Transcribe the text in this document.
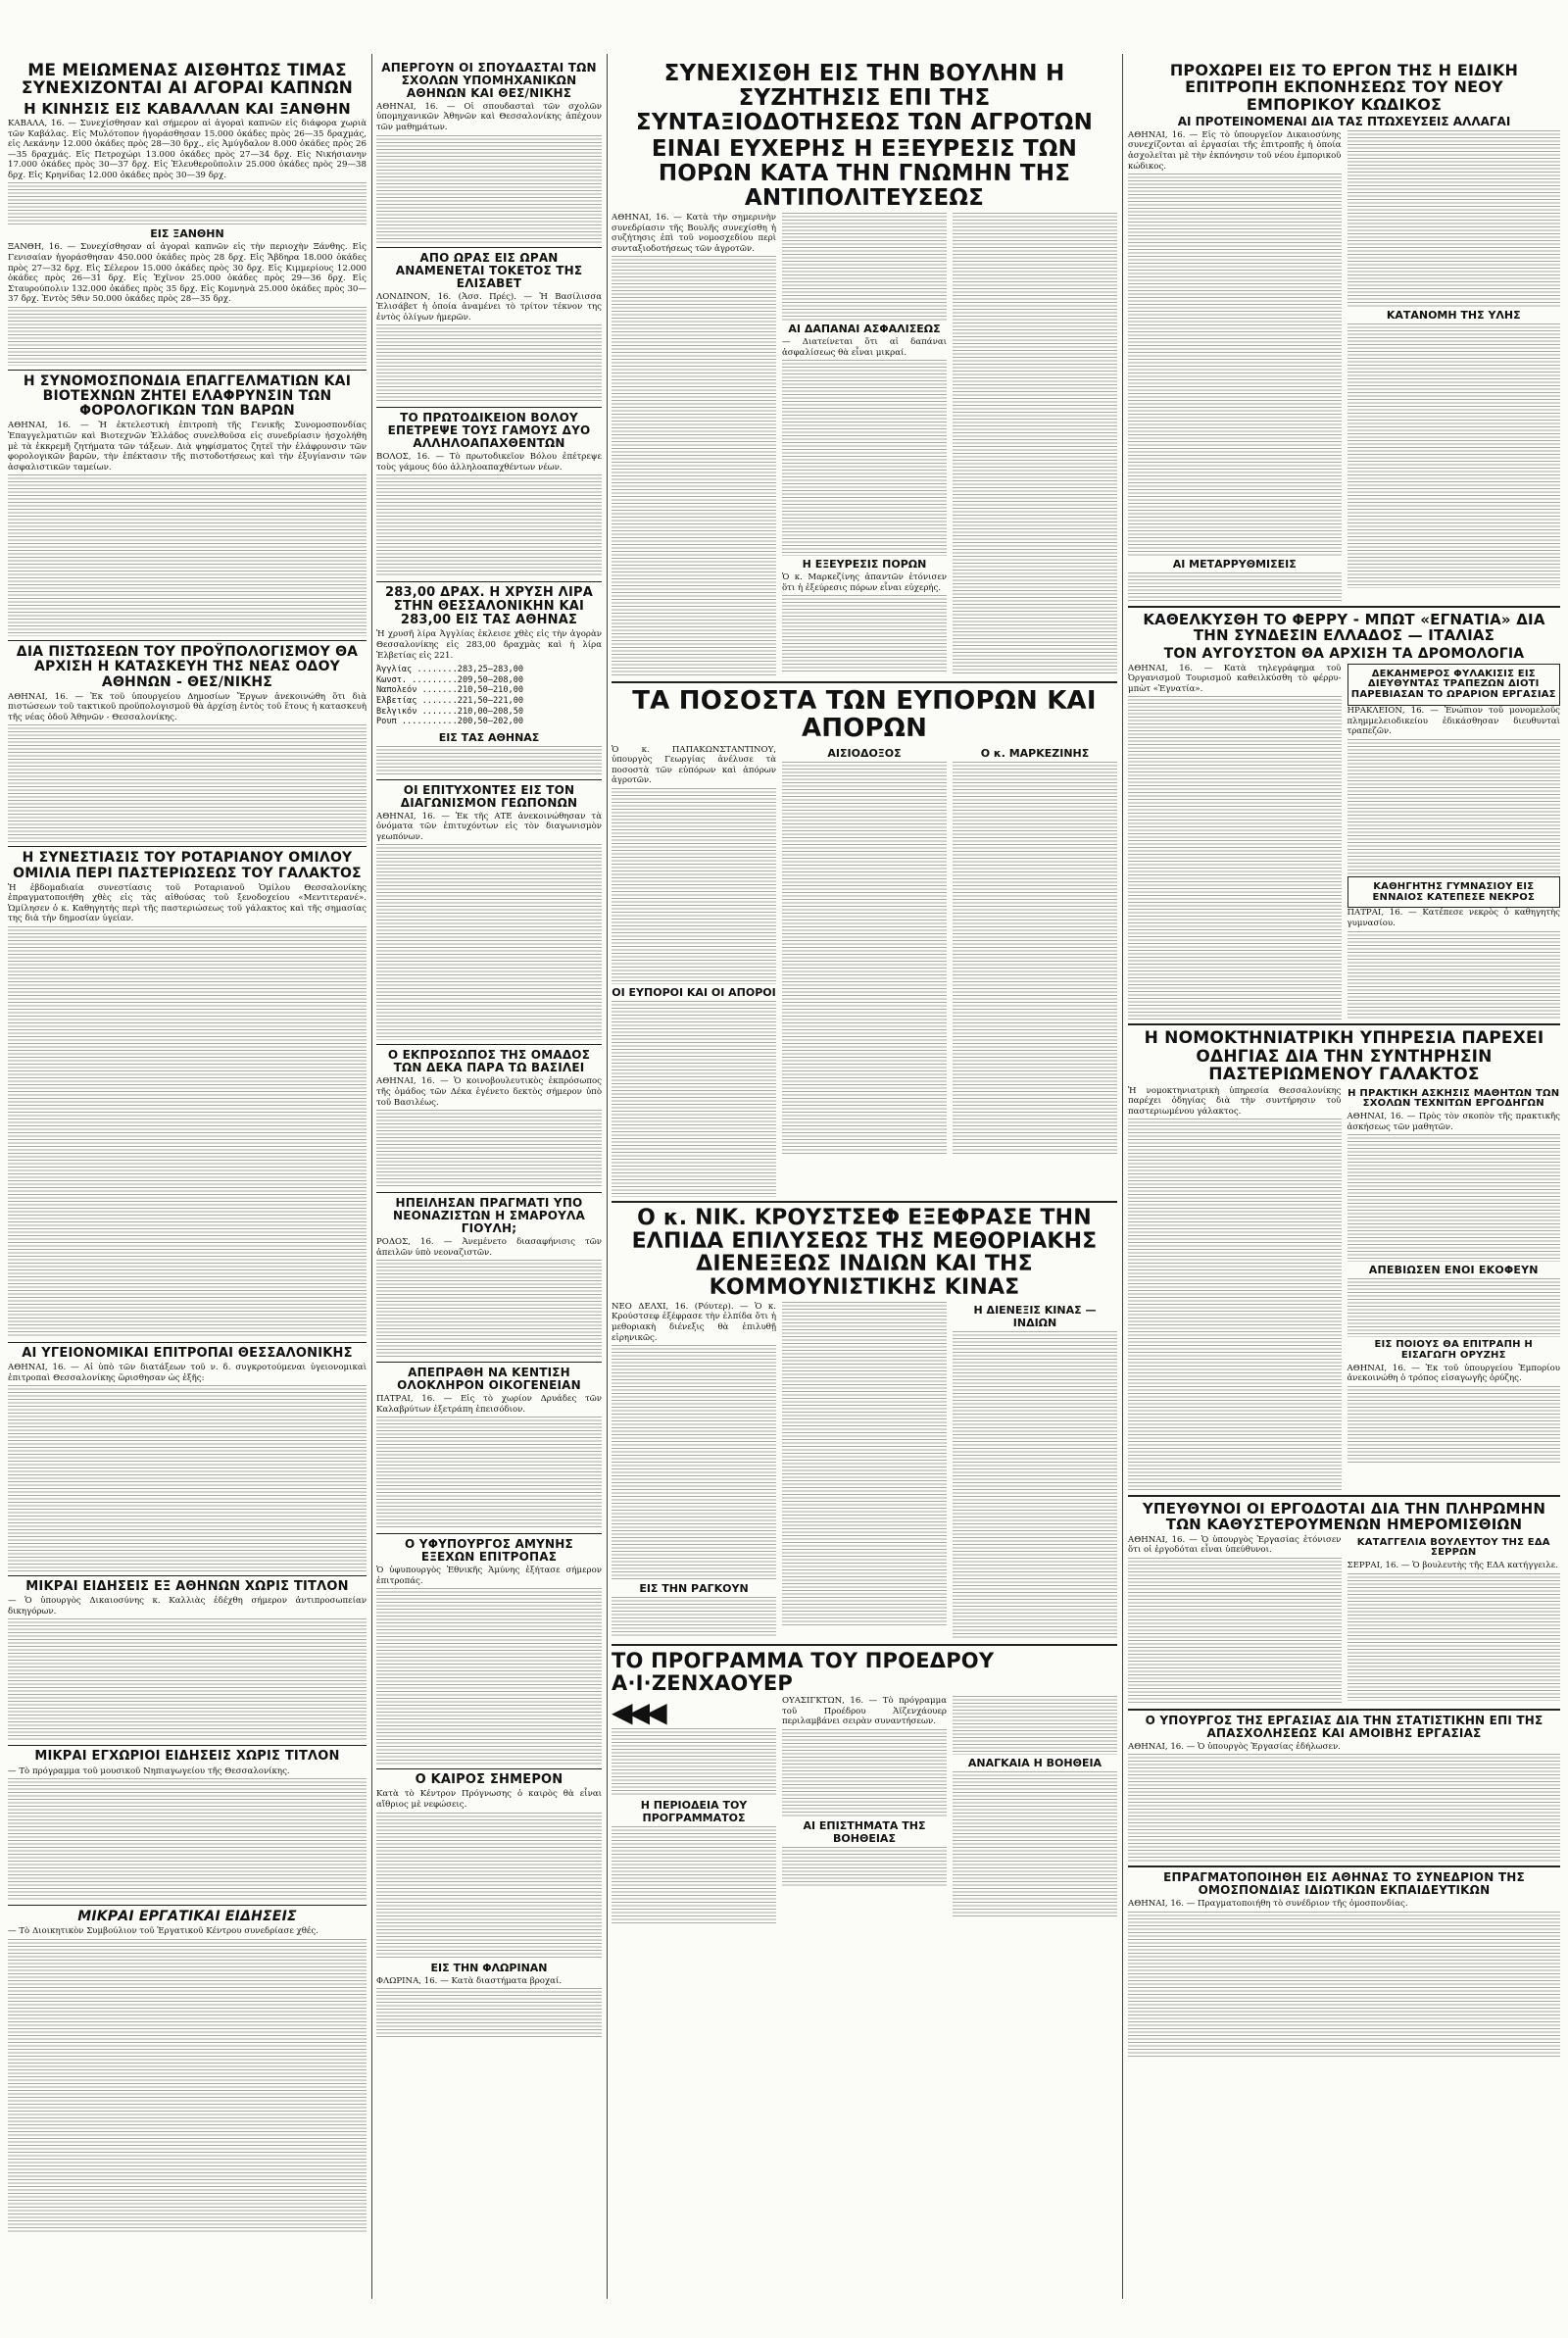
ΜΕ ΜΕΙΩΜΕΝΑΣ ΑΙΣΘΗΤΩΣ ΤΙΜΑΣ ΣΥΝΕΧΙΖΟΝΤΑΙ ΑΙ ΑΓΟΡΑΙ ΚΑΠΝΩΝ
Η ΚΙΝΗΣΙΣ ΕΙΣ ΚΑΒΑΛΛΑΝ ΚΑΙ ΞΑΝΘΗΝ
ΚΑΒΑΛΑ, 16. — Συνεχίσθησαν καὶ σήμερον αἱ ἀγοραὶ καπνῶν εἰς διάφορα χωριὰ τῶν Καβάλας. Εἰς Μυλότοπον ἠγοράσθησαν 15.000 ὀκάδες πρὸς 26—35 δραχμάς, εἰς Λεκάνην 12.000 ὀκάδες πρὸς 28—30 δρχ., εἰς Ἀμύγδαλον 8.000 ὀκάδες πρὸς 26—35 δραχμάς. Εἰς Πετροχώρι 13.000 ὀκάδες πρὸς 27—34 δρχ. Εἰς Νικήσιανην 17.000 ὀκάδες πρὸς 30—37 δρχ. Εἰς Ἐλευθεροῦπολιν 25.000 ὀκάδες πρὸς 29—38 δρχ. Εἰς Κρηνίδας 12.000 ὀκάδες πρὸς 30—39 δρχ.
ΕΙΣ ΞΑΝΘΗΝ
ΞΑΝΘΗ, 16. — Συνεχίσθησαν αἱ ἀγοραὶ καπνῶν εἰς τὴν περιοχὴν Ξάνθης. Εἰς Γενισαίαν ἠγοράσθησαν 450.000 ὀκάδες πρὸς 28 δρχ. Εἰς Ἄβδηρα 18.000 ὀκάδες πρὸς 27—32 δρχ. Εἰς Σέλερον 15.000 ὀκάδες πρὸς 30 δρχ. Εἰς Κιμμερίους 12.000 ὀκάδες πρὸς 26—31 δρχ. Εἰς Ἐχῖνον 25.000 ὀκάδες πρὸς 29—36 δρχ. Εἰς Σταυρούπολιν 132.000 ὀκάδες πρὸς 35 δρχ. Εἰς Κομνηνὰ 25.000 ὀκάδες πρὸς 30—37 δρχ. Ἐντὸς 5θιν 50.000 ὀκάδες πρὸς 28—35 δρχ.
Η ΣΥΝΟΜΟΣΠΟΝΔΙΑ ΕΠΑΓΓΕΛΜΑΤΙΩΝ ΚΑΙ ΒΙΟΤΕΧΝΩΝ ΖΗΤΕΙ ΕΛΑΦΡΥΝΣΙΝ ΤΩΝ ΦΟΡΟΛΟΓΙΚΩΝ ΤΩΝ ΒΑΡΩΝ
ΑΘΗΝΑΙ, 16. — Ἡ ἐκτελεστικὴ ἐπιτροπὴ τῆς Γενικῆς Συνομοσπονδίας Ἐπαγγελματιῶν καὶ Βιοτεχνῶν Ἑλλάδος συνελθοῦσα εἰς συνεδρίασιν ἠσχολήθη μὲ τὰ ἐκκρεμῆ ζητήματα τῶν τάξεων. Διὰ ψηφίσματος ζητεῖ τὴν ἐλάφρυνσιν τῶν φορολογικῶν βαρῶν, τὴν ἐπέκτασιν τῆς πιστοδοτήσεως καὶ τὴν ἐξυγίανσιν τῶν ἀσφαλιστικῶν ταμείων.
ΔΙΑ ΠΙΣΤΩΣΕΩΝ ΤΟΥ ΠΡΟΫΠΟΛΟΓΙΣΜΟΥ ΘΑ ΑΡΧΙΣΗ Η ΚΑΤΑΣΚΕΥΗ ΤΗΣ ΝΕΑΣ ΟΔΟΥ ΑΘΗΝΩΝ - ΘΕΣ/ΝΙΚΗΣ
ΑΘΗΝΑΙ, 16. — Ἐκ τοῦ ὑπουργείου Δημοσίων Ἔργων ἀνεκοινώθη ὅτι διὰ πιστώσεων τοῦ τακτικοῦ προϋπολογισμοῦ θὰ ἀρχίσῃ ἐντὸς τοῦ ἔτους ἡ κατασκευὴ τῆς νέας ὁδοῦ Ἀθηνῶν - Θεσσαλονίκης.
Η ΣΥΝΕΣΤΙΑΣΙΣ ΤΟΥ ΡΟΤΑΡΙΑΝΟΥ ΟΜΙΛΟΥ ΟΜΙΛΙΑ ΠΕΡΙ ΠΑΣΤΕΡΙΩΣΕΩΣ ΤΟΥ ΓΑΛΑΚΤΟΣ
Ἡ ἑβδομαδιαία συνεστίασις τοῦ Ροταριανοῦ Ὁμίλου Θεσσαλονίκης ἐπραγματοποιήθη χθὲς εἰς τὰς αἰθούσας τοῦ ξενοδοχείου «Μεντιτερανέ». Ὡμίλησεν ὁ κ. Καθηγητὴς περὶ τῆς παστεριώσεως τοῦ γάλακτος καὶ τῆς σημασίας της διὰ τὴν δημοσίαν ὑγείαν.
ΑΙ ΥΓΕΙΟΝΟΜΙΚΑΙ ΕΠΙΤΡΟΠΑΙ ΘΕΣΣΑΛΟΝΙΚΗΣ
ΑΘΗΝΑΙ, 16. — Αἱ ὑπὸ τῶν διατάξεων τοῦ ν. δ. συγκροτούμεναι ὑγειονομικαὶ ἐπιτροπαὶ Θεσσαλονίκης ὥρισθησαν ὡς ἑξῆς:
ΜΙΚΡΑΙ ΕΙΔΗΣΕΙΣ ΕΞ ΑΘΗΝΩΝ ΧΩΡΙΣ ΤΙΤΛΟΝ
— Ὁ ὑπουργὸς Δικαιοσύνης κ. Καλλιὰς ἐδέχθη σήμερον ἀντιπροσωπείαν δικηγόρων.
ΜΙΚΡΑΙ ΕΓΧΩΡΙΟΙ ΕΙΔΗΣΕΙΣ ΧΩΡΙΣ ΤΙΤΛΟΝ
— Τὸ πρόγραμμα τοῦ μουσικοῦ Νηπιαγωγείου τῆς Θεσσαλονίκης.
ΜΙΚΡΑΙ ΕΡΓΑΤΙΚΑΙ ΕΙΔΗΣΕΙΣ
— Τὸ Διοικητικὸν Συμβούλιον τοῦ Ἐργατικοῦ Κέντρου συνεδρίασε χθές.
ΑΠΕΡΓΟΥΝ ΟΙ ΣΠΟΥΔΑΣΤΑΙ ΤΩΝ ΣΧΟΛΩΝ ΥΠΟΜΗΧΑΝΙΚΩΝ ΑΘΗΝΩΝ ΚΑΙ ΘΕΣ/ΝΙΚΗΣ
ΑΘΗΝΑΙ, 16. — Οἱ σπουδασταὶ τῶν σχολῶν ὑπομηχανικῶν Ἀθηνῶν καὶ Θεσσαλονίκης ἀπέχουν τῶν μαθημάτων.
ΑΠΟ ΩΡΑΣ ΕΙΣ ΩΡΑΝ ΑΝΑΜΕΝΕΤΑΙ ΤΟΚΕΤΟΣ ΤΗΣ ΕΛΙΣΑΒΕΤ
ΛΟΝΔΙΝΟΝ, 16. (Ἀσσ. Πρές). — Ἡ Βασίλισσα Ἐλισάβετ ἡ ὁποία ἀναμένει τὸ τρίτον τέκνον της ἐντὸς ὀλίγων ἡμερῶν.
ΤΟ ΠΡΩΤΟΔΙΚΕΙΟΝ ΒΟΛΟΥ ΕΠΕΤΡΕΨΕ ΤΟΥΣ ΓΑΜΟΥΣ ΔΥΟ ΑΛΛΗΛΟΑΠΑΧΘΕΝΤΩΝ
ΒΟΛΟΣ, 16. — Τὸ πρωτοδικεῖον Βόλου ἐπέτρεψε τοὺς γάμους δύο ἀλληλοαπαχθέντων νέων.
283,00 ΔΡΑΧ. Η ΧΡΥΣΗ ΛΙΡΑ ΣΤΗΝ ΘΕΣΣΑΛΟΝΙΚΗΝ ΚΑΙ 283,00 ΕΙΣ ΤΑΣ ΑΘΗΝΑΣ
Ἡ χρυσῆ λίρα Ἀγγλίας ἐκλεισε χθὲς εἰς τὴν ἀγορὰν Θεσσαλονίκης εἰς 283,00 δραχμὰς καὶ ἡ λίρα Ἐλβετίας εἰς 221.
Ἀγγλίας ........283,25—283,00
Κωνστ. .........209,50—208,00
Ναπολεόν .......210,50—210,00
Ἐλβετίας .......221,50—221,00
Βελγικόν .......210,00—208,50
Ρουπ ...........200,50—202,00
ΕΙΣ ΤΑΣ ΑΘΗΝΑΣ
ΟΙ ΕΠΙΤΥΧΟΝΤΕΣ ΕΙΣ ΤΟΝ ΔΙΑΓΩΝΙΣΜΟΝ ΓΕΩΠΟΝΩΝ
ΑΘΗΝΑΙ, 16. — Ἐκ τῆς ΑΤΕ ἀνεκοινώθησαν τὰ ὀνόματα τῶν ἐπιτυχόντων εἰς τὸν διαγωνισμὸν γεωπόνων.
Ο ΕΚΠΡΟΣΩΠΟΣ ΤΗΣ ΟΜΑΔΟΣ ΤΩΝ ΔΕΚΑ ΠΑΡΑ ΤΩ ΒΑΣΙΛΕΙ
ΑΘΗΝΑΙ, 16. — Ὁ κοινοβουλευτικὸς ἐκπρόσωπος τῆς ὁμάδος τῶν Δέκα ἐγένετο δεκτὸς σήμερον ὑπὸ τοῦ Βασιλέως.
ΗΠΕΙΛΗΣΑΝ ΠΡΑΓΜΑΤΙ ΥΠΟ ΝΕΟΝΑΖΙΣΤΩΝ Η ΣΜΑΡΟΥΛΑ ΓΙΟΥΛΗ;
ΡΟΔΟΣ, 16. — Ἀνεμένετο διασαφήνισις τῶν ἀπειλῶν ὑπὸ νεοναζιστῶν.
ΑΠΕΠΡΑΘΗ ΝΑ ΚΕΝΤΙΣΗ ΟΛΟΚΛΗΡΟΝ ΟΙΚΟΓΕΝΕΙΑΝ
ΠΑΤΡΑΙ, 16. — Εἰς τὸ χωρίον Δρυάδες τῶν Καλαβρύτων ἐξετράπη ἐπεισόδιον.
Ο ΥΦΥΠΟΥΡΓΟΣ ΑΜΥΝΗΣ ΕΞΕΧΩΝ ΕΠΙΤΡΟΠΑΣ
Ὁ ὑφυπουργὸς Ἐθνικῆς Ἀμύνης ἐξήτασε σήμερον ἐπιτροπάς.
Ο ΚΑΙΡΟΣ ΣΗΜΕΡΟΝ
Κατὰ τὸ Κέντρον Πρόγνωσης ὁ καιρὸς θὰ εἶναι αἴθριος μὲ νεφώσεις.
ΕΙΣ ΤΗΝ ΦΛΩΡΙΝΑΝ
ΦΛΩΡΙΝΑ, 16. — Κατὰ διαστήματα βροχαί.
ΣΥΝΕΧΙΣΘΗ ΕΙΣ ΤΗΝ ΒΟΥΛΗΝ Η ΣΥΖΗΤΗΣΙΣ ΕΠΙ ΤΗΣ ΣΥΝΤΑΞΙΟΔΟΤΗΣΕΩΣ ΤΩΝ ΑΓΡΟΤΩΝ
ΕΙΝΑΙ ΕΥΧΕΡΗΣ Η ΕΞΕΥΡΕΣΙΣ ΤΩΝ ΠΟΡΩΝ ΚΑΤΑ ΤΗΝ ΓΝΩΜΗΝ ΤΗΣ ΑΝΤΙΠΟΛΙΤΕΥΣΕΩΣ
ΑΘΗΝΑΙ, 16. — Κατὰ τὴν σημερινὴν συνεδρίασιν τῆς Βουλῆς συνεχίσθη ἡ συζήτησις ἐπὶ τοῦ νομοσχεδίου περὶ συνταξιοδοτήσεως τῶν ἀγροτῶν.
ΑΙ ΔΑΠΑΝΑΙ ΑΣΦΑΛΙΣΕΩΣ
— Διατείνεται ὅτι αἱ δαπάναι ἀσφαλίσεως θὰ εἶναι μικραί.
Η ΕΞΕΥΡΕΣΙΣ ΠΟΡΩΝ
Ὁ κ. Μαρκεζίνης ἀπαντῶν ἐτόνισεν ὅτι ἡ ἐξεύρεσις πόρων εἶναι εὐχερής.
ΤΑ ΠΟΣΟΣΤΑ ΤΩΝ ΕΥΠΟΡΩΝ ΚΑΙ ΑΠΟΡΩΝ
Ὁ κ. ΠΑΠΑΚΩΝΣΤΑΝΤΙΝΟΥ, ὑπουργὸς Γεωργίας ἀνέλυσε τὰ ποσοστὰ τῶν εὐπόρων καὶ ἀπόρων ἀγροτῶν.
ΟΙ ΕΥΠΟΡΟΙ ΚΑΙ ΟΙ ΑΠΟΡΟΙ
ΑΙΣΙΟΔΟΞΟΣ	Ο κ. ΜΑΡΚΕΖΙΝΗΣ
Ο κ. ΝΙΚ. ΚΡΟΥΣΤΣΕΦ ΕΞΕΦΡΑΣΕ ΤΗΝ ΕΛΠΙΔΑ ΕΠΙΛΥΣΕΩΣ ΤΗΣ ΜΕΘΟΡΙΑΚΗΣ ΔΙΕΝΕΞΕΩΣ ΙΝΔΙΩΝ ΚΑΙ ΤΗΣ ΚΟΜΜΟΥΝΙΣΤΙΚΗΣ ΚΙΝΑΣ
ΝΕΟ ΔΕΛΧΙ, 16. (Ρόυτερ). — Ὁ κ. Κρούστσεφ ἐξέφρασε τὴν ἐλπίδα ὅτι ἡ μεθοριακὴ διένεξις θὰ ἐπιλυθῇ εἰρηνικῶς.
ΕΙΣ ΤΗΝ ΡΑΓΚΟΥΝ
Η ΔΙΕΝΕΞΙΣ ΚΙΝΑΣ — ΙΝΔΙΩΝ
ΤΟ ΠΡΟΓΡΑΜΜΑ ΤΟΥ ΠΡΟΕΔΡΟΥ Α·Ι·ΖΕΝΧΑΟΥΕΡ
◀◀◀
Η ΠΕΡΙΟΔΕΙΑ ΤΟΥ ΠΡΟΓΡΑΜΜΑΤΟΣ
ΟΥΑΣΙΓΚΤΩΝ, 16. — Τὸ πρόγραμμα τοῦ Προέδρου Ἀϊζενχάουερ περιλαμβάνει σειρὰν συναντήσεων.
ΑΙ ΕΠΙΣΤΗΜΑΤΑ ΤΗΣ ΒΟΗΘΕΙΑΣ
ΑΝΑΓΚΑΙΑ Η ΒΟΗΘΕΙΑ
ΠΡΟΧΩΡΕΙ ΕΙΣ ΤΟ ΕΡΓΟΝ ΤΗΣ Η ΕΙΔΙΚΗ ΕΠΙΤΡΟΠΗ ΕΚΠΟΝΗΣΕΩΣ ΤΟΥ ΝΕΟΥ ΕΜΠΟΡΙΚΟΥ ΚΩΔΙΚΟΣ
ΑΙ ΠΡΟΤΕΙΝΟΜΕΝΑΙ ΔΙΑ ΤΑΣ ΠΤΩΧΕΥΣΕΙΣ ΑΛΛΑΓΑΙ
ΑΘΗΝΑΙ, 16. — Εἰς τὸ ὑπουργεῖον Δικαιοσύνης συνεχίζονται αἱ ἐργασίαι τῆς ἐπιτροπῆς ἡ ὁποία ἀσχολεῖται μὲ τὴν ἐκπόνησιν τοῦ νέου ἐμπορικοῦ κώδικος.
ΑΙ ΜΕΤΑΡΡΥΘΜΙΣΕΙΣ
ΚΑΤΑΝΟΜΗ ΤΗΣ ΥΛΗΣ
ΚΑΘΕΛΚΥΣΘΗ ΤΟ ΦΕΡΡΥ - ΜΠΩΤ «ΕΓΝΑΤΙΑ» ΔΙΑ ΤΗΝ ΣΥΝΔΕΣΙΝ ΕΛΛΑΔΟΣ — ΙΤΑΛΙΑΣ
ΤΟΝ ΑΥΓΟΥΣΤΟΝ ΘΑ ΑΡΧΙΣΗ ΤΑ ΔΡΟΜΟΛΟΓΙΑ
ΑΘΗΝΑΙ, 16. — Κατὰ τηλεγράφημα τοῦ Ὀργανισμοῦ Τουρισμοῦ καθειλκύσθη τὸ φέρρυ-μπὼτ «Ἐγνατία».
ΔΕΚΑΗΜΕΡΟΣ ΦΥΛΑΚΙΣΙΣ ΕΙΣ ΔΙΕΥΘΥΝΤΑΣ ΤΡΑΠΕΖΩΝ ΔΙΟΤΙ ΠΑΡΕΒΙΑΣΑΝ ΤΟ ΩΡΑΡΙΟΝ ΕΡΓΑΣΙΑΣ
ΗΡΑΚΛΕΙΟΝ, 16. — Ἐνώπιον τοῦ μονομελοῦς πλημμελειοδικείου ἐδικάσθησαν διευθυνταὶ τραπεζῶν.
ΚΑΘΗΓΗΤΗΣ ΓΥΜΝΑΣΙΟΥ ΕΙΣ ΕΝΝΑΙΟΣ ΚΑΤΕΠΕΣΕ ΝΕΚΡΟΣ
ΠΑΤΡΑΙ, 16. — Κατέπεσε νεκρὸς ὁ καθηγητὴς γυμνασίου.
Η ΝΟΜΟΚΤΗΝΙΑΤΡΙΚΗ ΥΠΗΡΕΣΙΑ ΠΑΡΕΧΕΙ ΟΔΗΓΙΑΣ ΔΙΑ ΤΗΝ ΣΥΝΤΗΡΗΣΙΝ ΠΑΣΤΕΡΙΩΜΕΝΟΥ ΓΑΛΑΚΤΟΣ
Ἡ νομοκτηνιατρικὴ ὑπηρεσία Θεσσαλονίκης παρέχει ὁδηγίας διὰ τὴν συντήρησιν τοῦ παστεριωμένου γάλακτος.
Η ΠΡΑΚΤΙΚΗ ΑΣΚΗΣΙΣ ΜΑΘΗΤΩΝ ΤΩΝ ΣΧΟΛΩΝ ΤΕΧΝΙΤΩΝ ΕΡΓΟΔΗΓΩΝ
ΑΘΗΝΑΙ, 16. — Πρὸς τὸν σκοπὸν τῆς πρακτικῆς ἀσκήσεως τῶν μαθητῶν.
ΑΠΕΒΙΩΣΕΝ ΕΝΟΙ ΕΚΟΦΕΥΝ
ΕΙΣ ΠΟΙΟΥΣ ΘΑ ΕΠΙΤΡΑΠΗ Η ΕΙΣΑΓΩΓΗ ΟΡΥΖΗΣ
ΑΘΗΝΑΙ, 16. — Ἐκ τοῦ ὑπουργείου Ἐμπορίου ἀνεκοινώθη ὁ τρόπος εἰσαγωγῆς ὀρύζης.
ΥΠΕΥΘΥΝΟΙ ΟΙ ΕΡΓΟΔΟΤΑΙ ΔΙΑ ΤΗΝ ΠΛΗΡΩΜΗΝ ΤΩΝ ΚΑΘΥΣΤΕΡΟΥΜΕΝΩΝ ΗΜΕΡΟΜΙΣΘΙΩΝ
ΑΘΗΝΑΙ, 16. — Ὁ ὑπουργὸς Ἐργασίας ἐτόνισεν ὅτι οἱ ἐργοδόται εἶναι ὑπεύθυνοι.
ΚΑΤΑΓΓΕΛΙΑ ΒΟΥΛΕΥΤΟΥ ΤΗΣ ΕΔΑ ΣΕΡΡΩΝ
ΣΕΡΡΑΙ, 16. — Ὁ βουλευτὴς τῆς ΕΔΑ κατήγγειλε.
Ο ΥΠΟΥΡΓΟΣ ΤΗΣ ΕΡΓΑΣΙΑΣ ΔΙΑ ΤΗΝ ΣΤΑΤΙΣΤΙΚΗΝ ΕΠΙ ΤΗΣ ΑΠΑΣΧΟΛΗΣΕΩΣ ΚΑΙ ΑΜΟΙΒΗΣ ΕΡΓΑΣΙΑΣ
ΑΘΗΝΑΙ, 16. — Ὁ ὑπουργὸς Ἐργασίας ἐδήλωσεν.
ΕΠΡΑΓΜΑΤΟΠΟΙΗΘΗ ΕΙΣ ΑΘΗΝΑΣ ΤΟ ΣΥΝΕΔΡΙΟΝ ΤΗΣ ΟΜΟΣΠΟΝΔΙΑΣ ΙΔΙΩΤΙΚΩΝ ΕΚΠΑΙΔΕΥΤΙΚΩΝ
ΑΘΗΝΑΙ, 16. — Πραγματοποιήθη τὸ συνέδριον τῆς ὁμοσπονδίας.
